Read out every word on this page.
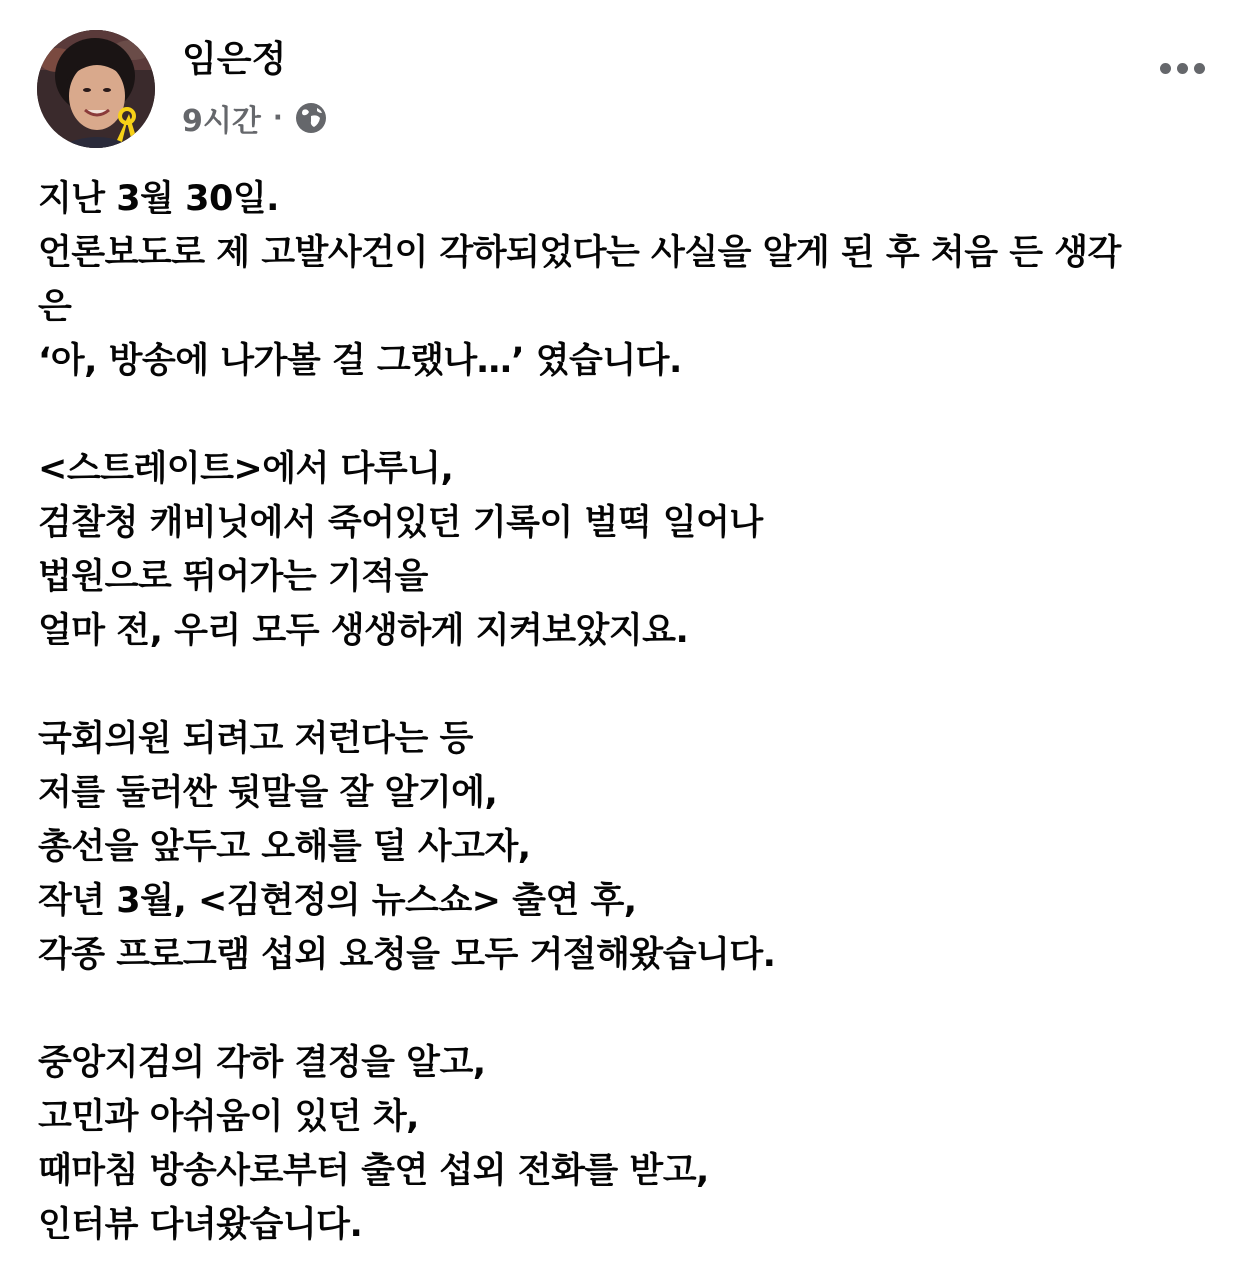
임은정
9시간 ·
지난 3월 30일.
언론보도로 제 고발사건이 각하되었다는 사실을 알게 된 후 처음 든 생각
은
‘아, 방송에 나가볼 걸 그랬나…’ 였습니다.
<스트레이트>에서 다루니,
검찰청 캐비닛에서 죽어있던 기록이 벌떡 일어나
법원으로 뛰어가는 기적을
얼마 전, 우리 모두 생생하게 지켜보았지요.
국회의원 되려고 저런다는 등
저를 둘러싼 뒷말을 잘 알기에,
총선을 앞두고 오해를 덜 사고자,
작년 3월, <김현정의 뉴스쇼> 출연 후,
각종 프로그램 섭외 요청을 모두 거절해왔습니다.
중앙지검의 각하 결정을 알고,
고민과 아쉬움이 있던 차,
때마침 방송사로부터 출연 섭외 전화를 받고,
인터뷰 다녀왔습니다.
